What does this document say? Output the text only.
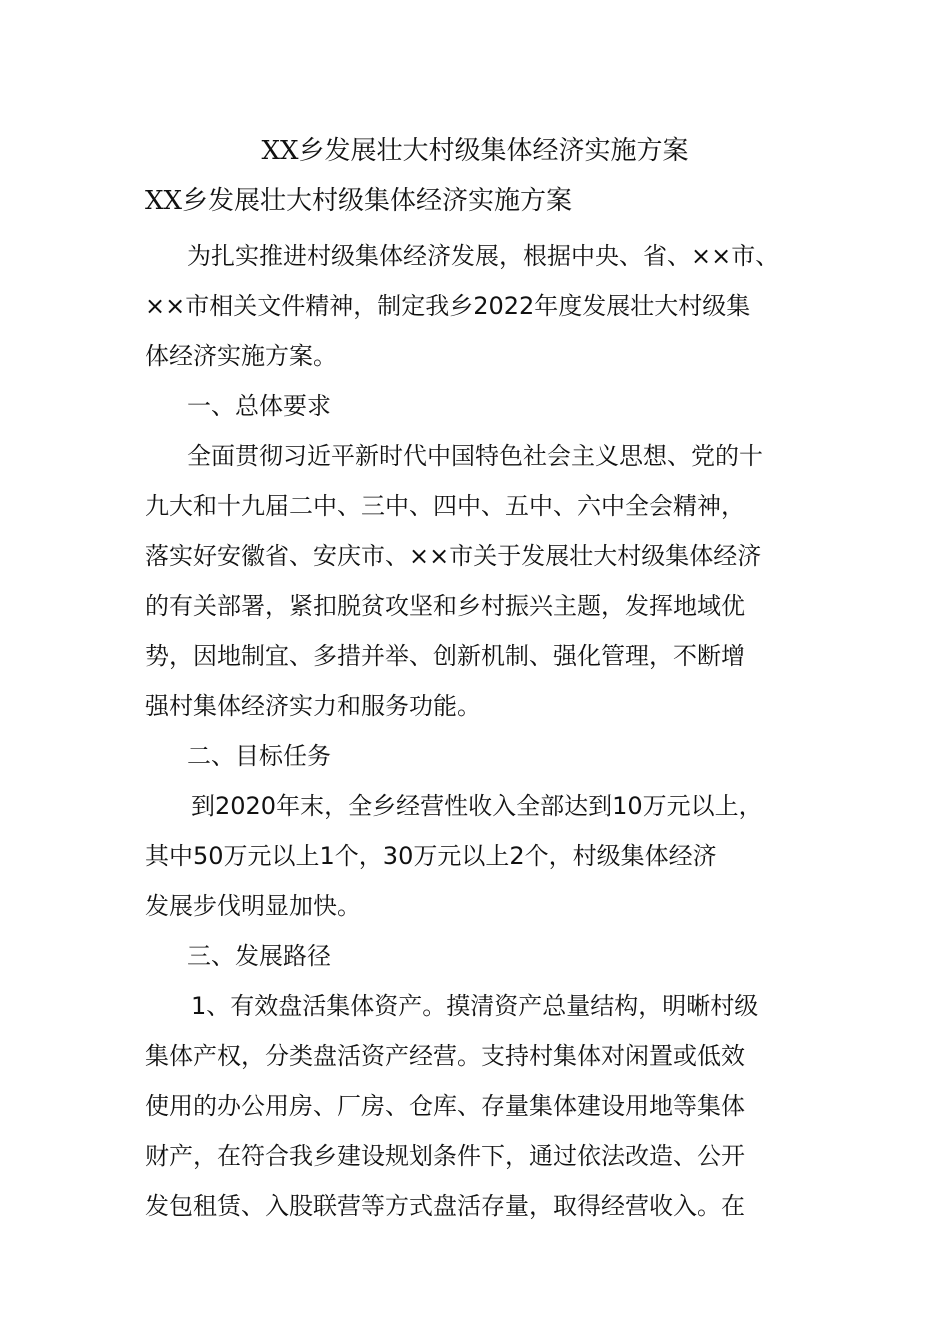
XX乡发展壮大村级集体经济实施方案
XX乡发展壮大村级集体经济实施方案
为扎实推进村级集体经济发展，根据中央、省、××市、
××市相关文件精神，制定我乡2022年度发展壮大村级集
体经济实施方案。
一、总体要求
全面贯彻习近平新时代中国特色社会主义思想、党的十
九大和十九届二中、三中、四中、五中、六中全会精神，
落实好安徽省、安庆市、××市关于发展壮大村级集体经济
的有关部署，紧扣脱贫攻坚和乡村振兴主题，发挥地域优
势，因地制宜、多措并举、创新机制、强化管理，不断增
强村集体经济实力和服务功能。
二、目标任务
到2020年末，全乡经营性收入全部达到10万元以上，
其中50万元以上1个，30万元以上2个，村级集体经济
发展步伐明显加快。
三、发展路径
1、有效盘活集体资产。摸清资产总量结构，明晰村级
集体产权，分类盘活资产经营。支持村集体对闲置或低效
使用的办公用房、厂房、仓库、存量集体建设用地等集体
财产，在符合我乡建设规划条件下，通过依法改造、公开
发包租赁、入股联营等方式盘活存量，取得经营收入。在
